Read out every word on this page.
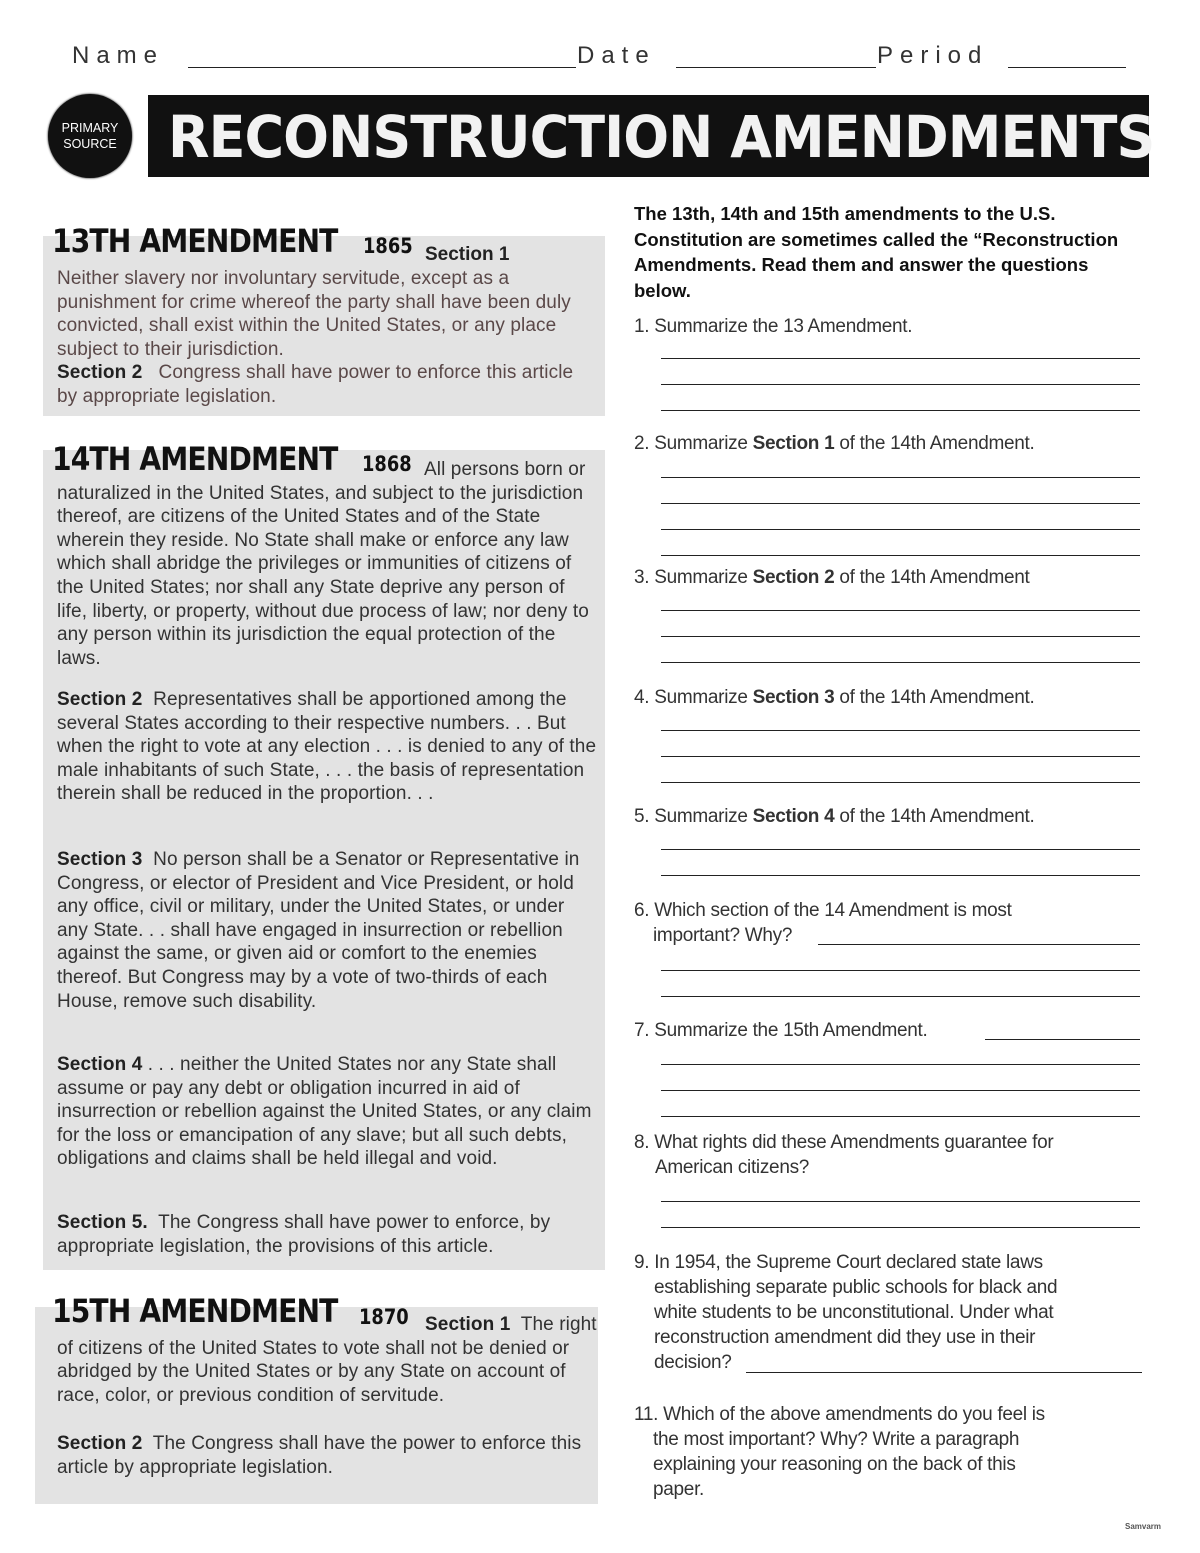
Name	Date	Period
PRIMARY
SOURCE RECONSTRUCTION AMENDMENTS
13TH AMENDMENT 1865 Section 1

Neither slavery nor involuntary servitude, except as a punishment for crime whereof the party shall have been duly convicted, shall exist within the United States, or any place subject to their jurisdiction.

Section 2 Congress shall have power to enforce this article by appropriate legislation.

14TH AMENDMENT 1868 All persons born or naturalized in the United States, and subject to the jurisdiction thereof, are citizens of the United States and of the State wherein they reside. No State shall make or enforce any law which shall abridge the privileges or immunities of citizens of the United States; nor shall any State deprive any person of life, liberty, or property, without due process of law; nor deny to any person within its jurisdiction the equal protection of the laws.

Section 2 Representatives shall be apportioned among the several States according to their respective numbers. . . But when the right to vote at any election . . . is denied to any of the male inhabitants of such State, . . . the basis of representation therein shall be reduced in the proportion. . .

Section 3 No person shall be a Senator or Representative in Congress, or elector of President and Vice President, or hold any office, civil or military, under the United States, or under any State. . . shall have engaged in insurrection or rebellion against the same, or given aid or comfort to the enemies thereof. But Congress may by a vote of two-thirds of each House, remove such disability.

Section 4 . . . neither the United States nor any State shall assume or pay any debt or obligation incurred in aid of insurrection or rebellion against the United States, or any claim for the loss or emancipation of any slave; but all such debts, obligations and claims shall be held illegal and void.

Section 5. The Congress shall have power to enforce, by appropriate legislation, the provisions of this article.

15TH AMENDMENT 1870 Section 1 The right of citizens of the United States to vote shall not be denied or abridged by the United States or by any State on account of race, color, or previous condition of servitude.

Section 2 The Congress shall have the power to enforce this article by appropriate legislation.

The 13th, 14th and 15th amendments to the U.S. Constitution are sometimes called the “Reconstruction Amendments. Read them and answer the questions below.
1. Summarize the 13 Amendment.
2. Summarize Section 1 of the 14th Amendment.
3. Summarize Section 2 of the 14th Amendment
4. Summarize Section 3 of the 14th Amendment.
5. Summarize Section 4 of the 14th Amendment.
6. Which section of the 14 Amendment is most
important? Why?
7. Summarize the 15th Amendment.
8. What rights did these Amendments guarantee for
American citizens?
9. In 1954, the Supreme Court declared state laws
establishing separate public schools for black and
white students to be unconstitutional. Under what
reconstruction amendment did they use in their
decision?
11. Which of the above amendments do you feel is
the most important? Why? Write a paragraph
explaining your reasoning on the back of this
paper.
Samvarm
